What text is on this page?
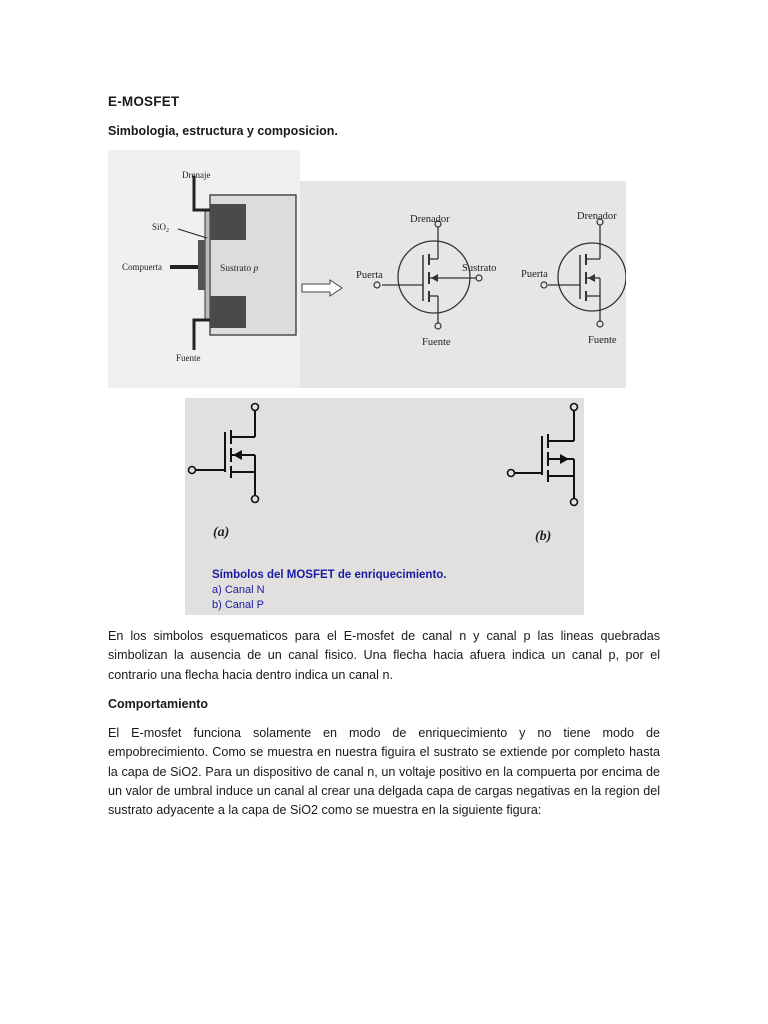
E-MOSFET
Simbologia, estructura y composicion.
Drenaje
SiO$_2$
Compuerta	Sustrato p
Fuente
Drenador
Puerta
Sustrato
Fuente
Drenador
Puerta
Fuente
(a)	(b)
Símbolos del MOSFET de enriquecimiento.
a) Canal N
b) Canal P

En los simbolos esquematicos para el E-mosfet de canal n y canal p las lineas quebradas simbolizan la ausencia de un canal fisico. Una flecha hacia afuera indica un canal p, por el contrario una flecha hacia dentro indica un canal n.

Comportamiento

El E-mosfet funciona solamente en modo de enriquecimiento y no tiene modo de empobrecimiento. Como se muestra en nuestra figuira el sustrato se extiende por completo hasta la capa de SiO2. Para un dispositivo de canal n, un voltaje positivo en la compuerta por encima de un valor de umbral induce un canal al crear una delgada capa de cargas negativas en la region del sustrato adyacente a la capa de SiO2 como se muestra en la siguiente figura:
